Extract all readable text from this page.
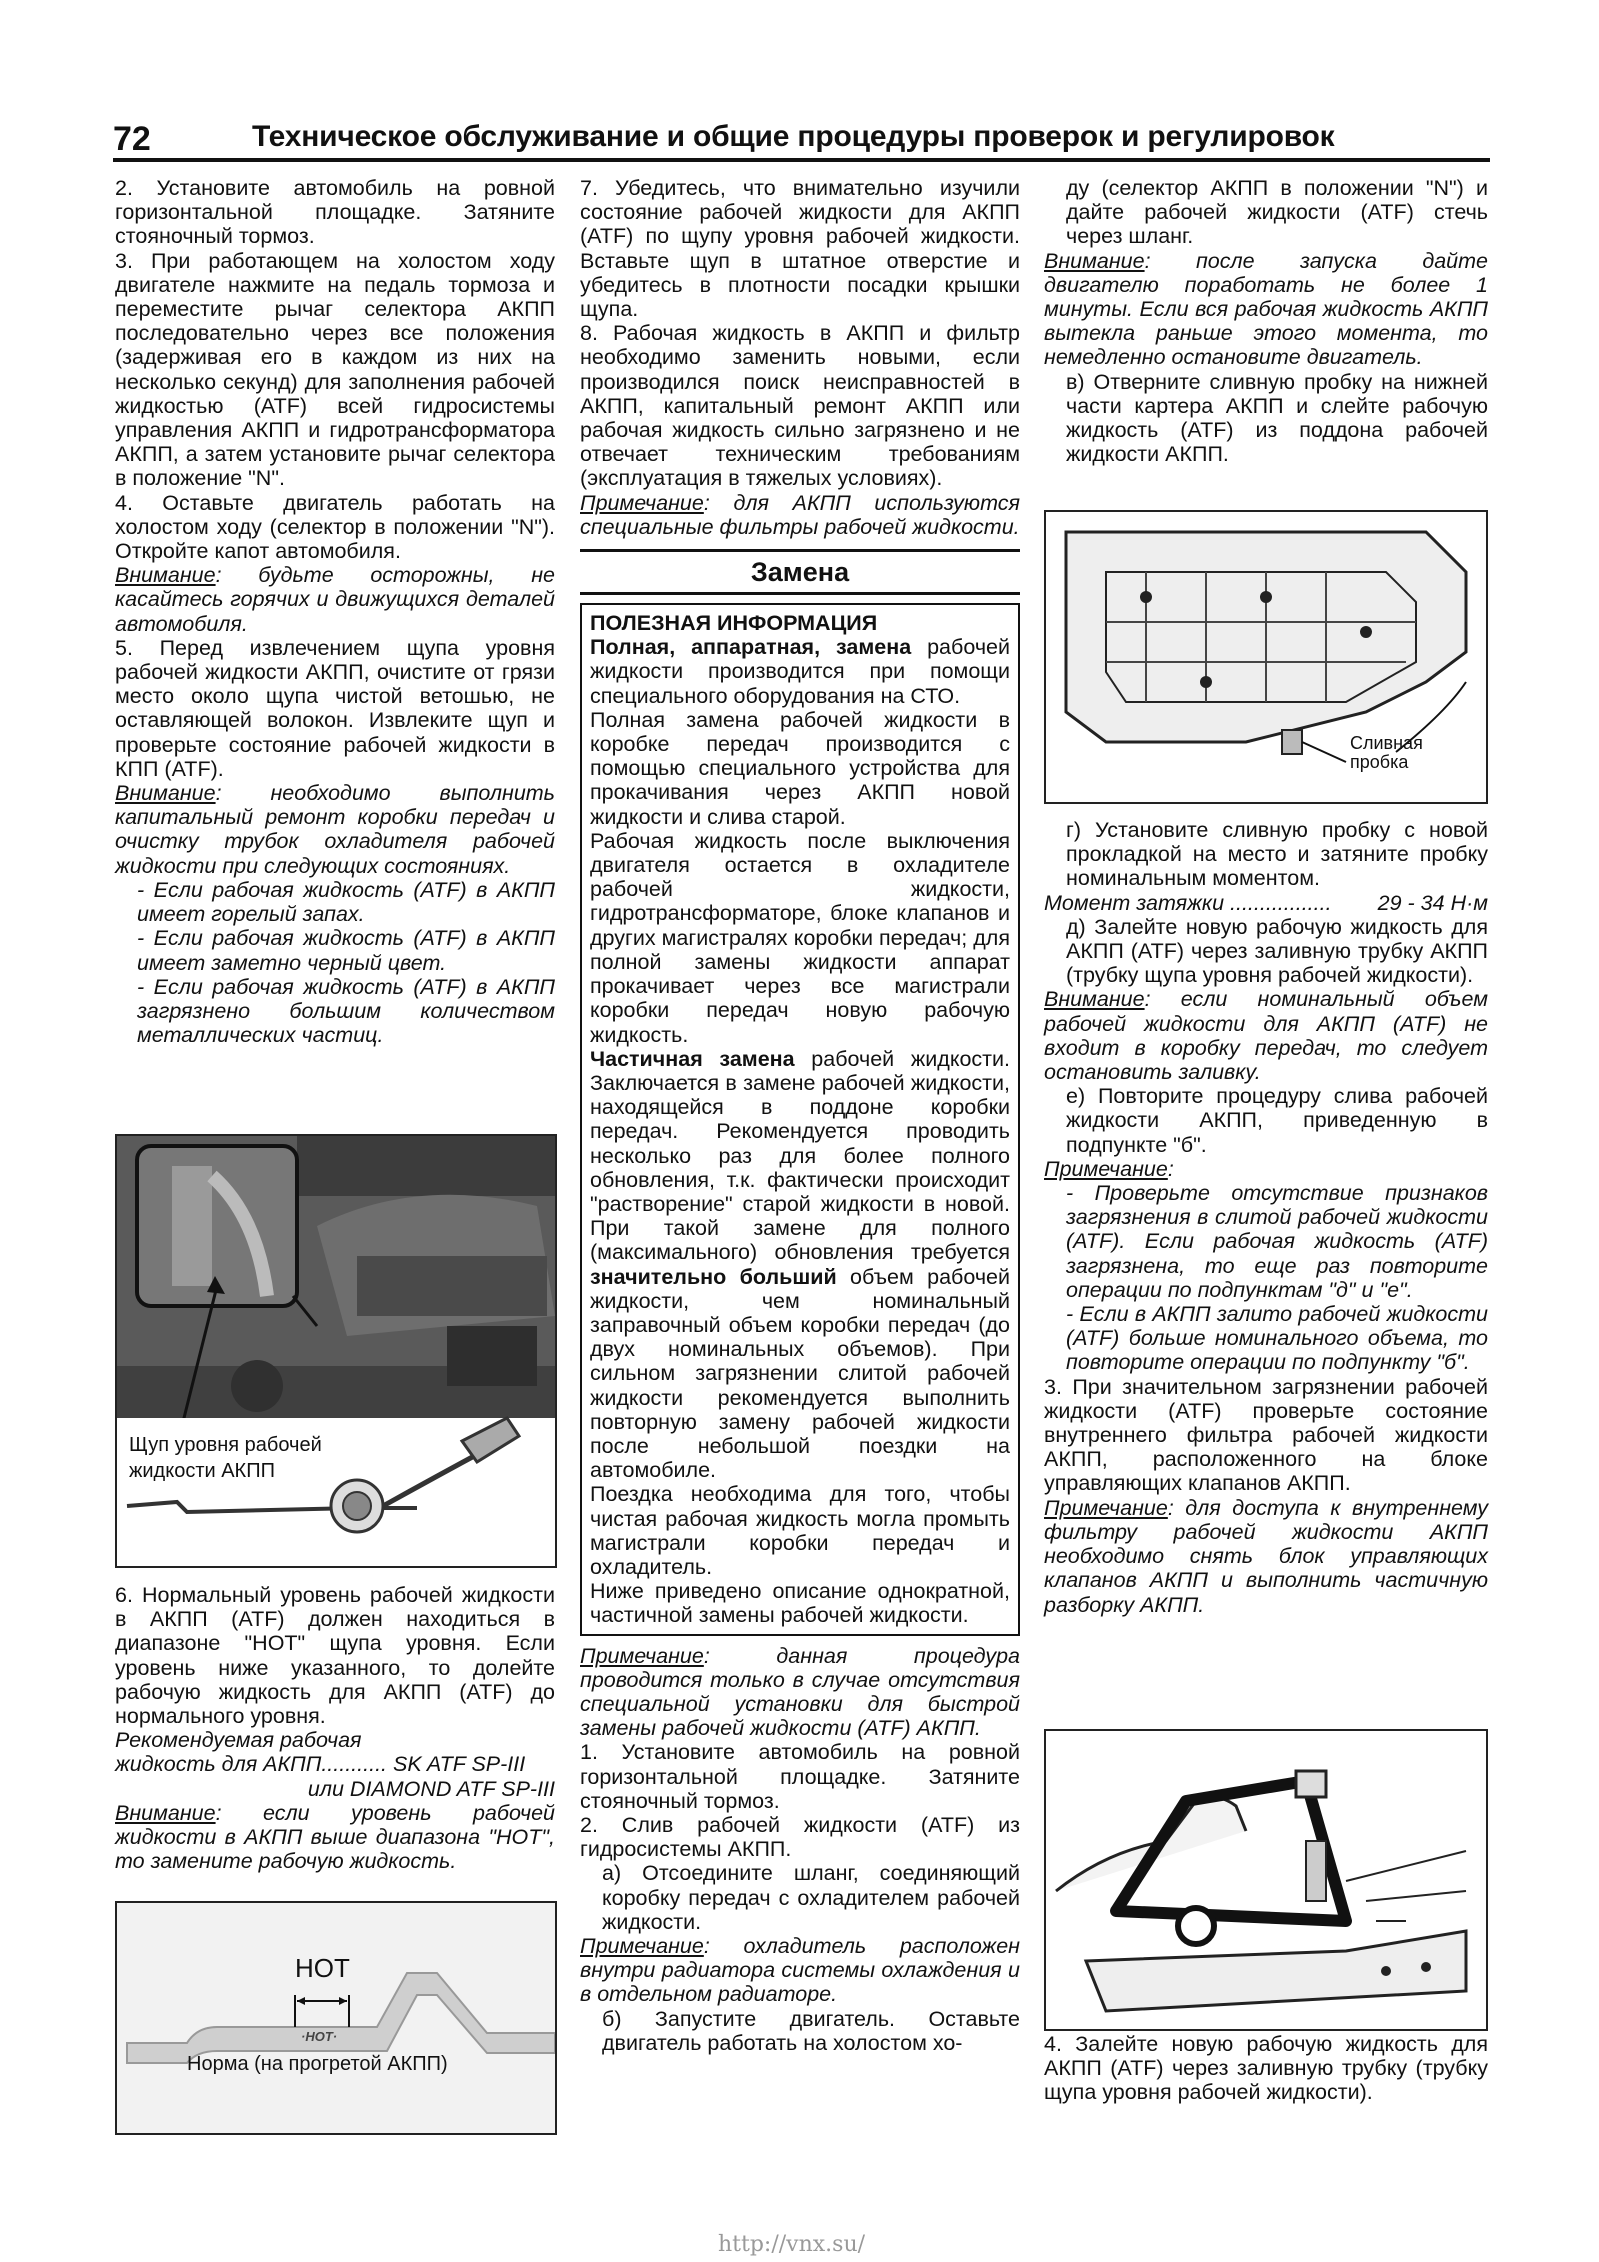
72	Техническое обслуживание и общие процедуры проверок и регулировок

2. Установите автомобиль на ровной горизонтальной площадке. Затяните стояночный тормоз.

3. При работающем на холостом ходу двигателе нажмите на педаль тормоза и переместите рычаг селектора АКПП последовательно через все положения (задерживая его в каждом из них на несколько секунд) для заполнения рабочей жидкостью (ATF) всей гидросистемы управления АКПП и гидротрансформатора АКПП, а затем установите рычаг селектора в положение "N".

4. Оставьте двигатель работать на холостом ходу (селектор в положении "N"). Откройте капот автомобиля.

Внимание: будьте осторожны, не касайтесь горячих и движущихся деталей автомобиля.

5. Перед извлечением щупа уровня рабочей жидкости АКПП, очистите от грязи место около щупа чистой ветошью, не оставляющей волокон. Извлеките щуп и проверьте состояние рабочей жидкости в КПП (ATF).

Внимание: необходимо выполнить капитальный ремонт коробки передач и очистку трубок охладителя рабочей жидкости при следующих состояниях.

- Если рабочая жидкость (ATF) в АКПП имеет горелый запах.

- Если рабочая жидкость (ATF) в АКПП имеет заметно черный цвет.

- Если рабочая жидкость (ATF) в АКПП загрязнено большим количеством металлических частиц.

Щуп уровня рабочей
жидкости АКПП

6. Нормальный уровень рабочей жидкости в АКПП (ATF) должен находиться в диапазоне "НОТ" щупа уровня. Если уровень ниже указанного, то долейте рабочую жидкость для АКПП (ATF) до нормального уровня.

Рекомендуемая рабочая

жидкость для АКПП........... SK ATF SP-III

или DIAMOND ATF SP-III

Внимание: если уровень рабочей жидкости в АКПП выше диапазона "НОТ", то замените рабочую жидкость.

НОТ
·HOT·
Норма (на прогретой АКПП)

7. Убедитесь, что внимательно изучили состояние рабочей жидкости для АКПП (ATF) по щупу уровня рабочей жидкости. Вставьте щуп в штатное отверстие и убедитесь в плотности посадки крышки щупа.

8. Рабочая жидкость в АКПП и фильтр необходимо заменить новыми, если производился поиск неисправностей в АКПП, капитальный ремонт АКПП или рабочая жидкость сильно загрязнено и не отвечает техническим требованиям (эксплуатация в тяжелых условиях).

Примечание: для АКПП используются специальные фильтры рабочей жидкости.

Замена

ПОЛЕЗНАЯ ИНФОРМАЦИЯ

Полная, аппаратная, замена рабочей жидкости производится при помощи специального оборудования на СТО.

Полная замена рабочей жидкости в коробке передач производится с помощью специального устройства для прокачивания через АКПП новой жидкости и слива старой.

Рабочая жидкость после выключения двигателя остается в охладителе рабочей жидкости, гидротрансформаторе, блоке клапанов и других магистралях коробки передач; для полной замены жидкости аппарат прокачивает через все магистрали коробки передач новую рабочую жидкость.

Частичная замена рабочей жидкости. Заключается в замене рабочей жидкости, находящейся в поддоне коробки передач. Рекомендуется проводить несколько раз для более полного обновления, т.к. фактически происходит "растворение" старой жидкости в новой. При такой замене для полного (максимального) обновления требуется значительно больший объем рабочей жидкости, чем номинальный заправочный объем коробки передач (до двух номинальных объемов). При сильном загрязнении слитой рабочей жидкости рекомендуется выполнить повторную замену рабочей жидкости после небольшой поездки на автомобиле.

Поездка необходима для того, чтобы чистая рабочая жидкость могла промыть магистрали коробки передач и охладитель.

Ниже приведено описание однократной, частичной замены рабочей жидкости.

Примечание: данная процедура проводится только в случае отсутствия специальной установки для быстрой замены рабочей жидкости (ATF) АКПП.

1. Установите автомобиль на ровной горизонтальной площадке. Затяните стояночный тормоз.

2. Слив рабочей жидкости (ATF) из гидросистемы АКПП.

а) Отсоедините шланг, соединяющий коробку передач с охладителем рабочей жидкости.

Примечание: охладитель расположен внутри радиатора системы охлаждения и в отдельном радиаторе.

б) Запустите двигатель. Оставьте двигатель работать на холостом хо-

ду (селектор АКПП в положении "N") и дайте рабочей жидкости (ATF) стечь через шланг.

Внимание: после запуска дайте двигателю поработать не более 1 минуты. Если вся рабочая жидкость АКПП вытекла раньше этого момента, то немедленно остановите двигатель.

в) Отверните сливную пробку на нижней части картера АКПП и слейте рабочую жидкость (ATF) из поддона рабочей жидкости АКПП.

Сливная
пробка

г) Установите сливную пробку с новой прокладкой на место и затяните пробку номинальным моментом.

Момент затяжки ................. 29 - 34 Н·м

д) Залейте новую рабочую жидкость для АКПП (ATF) через заливную трубку АКПП (трубку щупа уровня рабочей жидкости).

Внимание: если номинальный объем рабочей жидкости для АКПП (ATF) не входит в коробку передач, то следует остановить заливку.

е) Повторите процедуру слива рабочей жидкости АКПП, приведенную в подпункте "б".

Примечание:

- Проверьте отсутствие признаков загрязнения в слитой рабочей жидкости (ATF). Если рабочая жидкость (ATF) загрязнена, то еще раз повторите операции по подпунктам "д" и "е".

- Если в АКПП залито рабочей жидкости (ATF) больше номинального объема, то повторите операции по подпункту "б".

3. При значительном загрязнении рабочей жидкости (ATF) проверьте состояние внутреннего фильтра рабочей жидкости АКПП, расположенного на блоке управляющих клапанов АКПП.

Примечание: для доступа к внутреннему фильтру рабочей жидкости АКПП необходимо снять блок управляющих клапанов АКПП и выполнить частичную разборку АКПП.

4. Залейте новую рабочую жидкость для АКПП (ATF) через заливную трубку (трубку щупа уровня рабочей жидкости).

http://vnx.su/
